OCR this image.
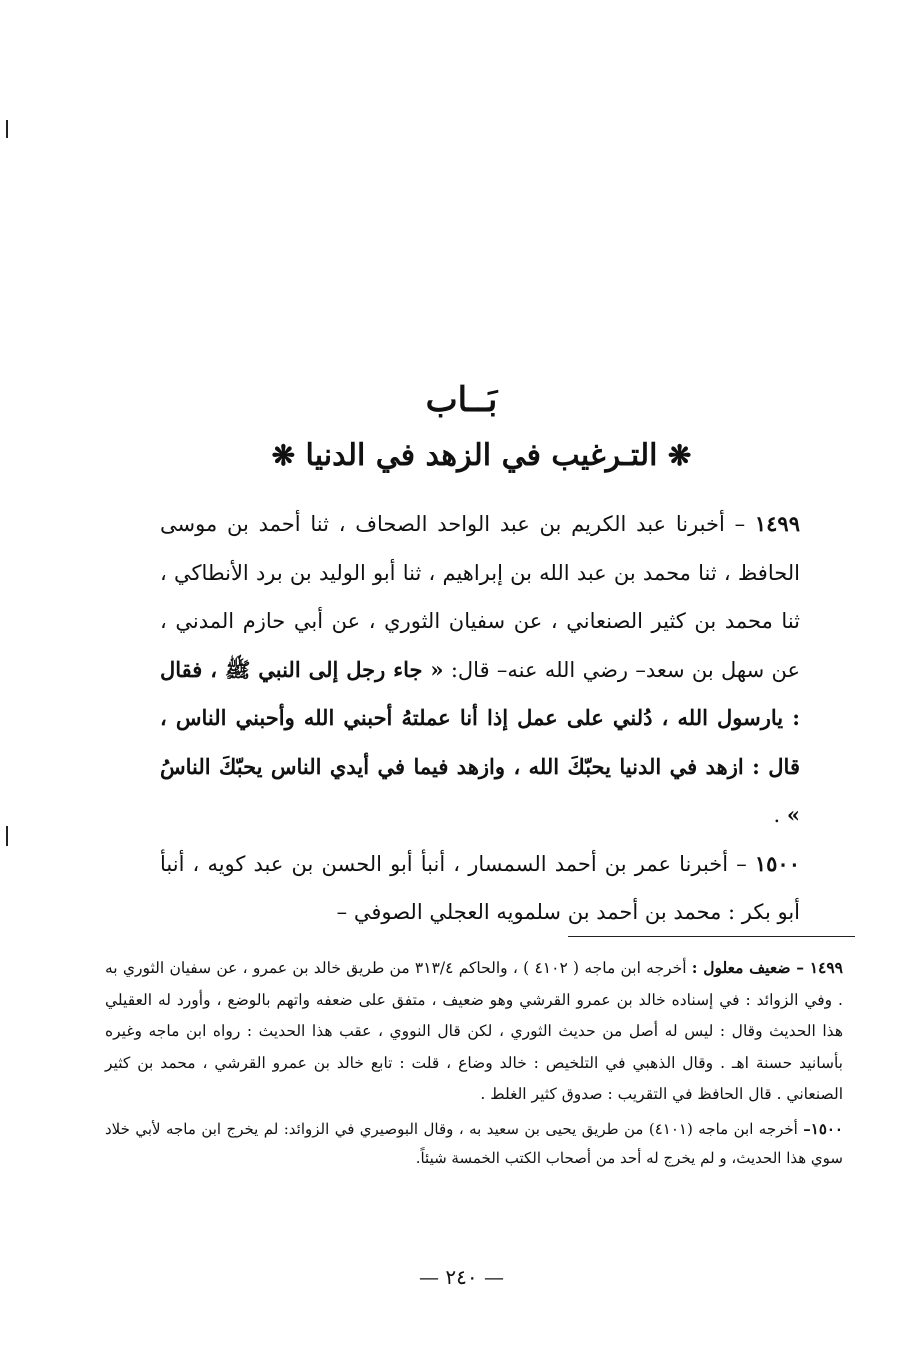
بَــاب
❋ التـرغيب في الزهد في الدنيا ❋

١٤٩٩ – أخبرنا عبد الكريم بن عبد الواحد الصحاف ، ثنا أحمد بن موسى الحافظ ، ثنا محمد بن عبد الله بن إبراهيم ، ثنا أبو الوليد بن برد الأنطاكي ، ثنا محمد بن كثير الصنعاني ، عن سفيان الثوري ، عن أبي حازم المدني ، عن سهل بن سعد– رضي الله عنه– قال: « جاء رجل إلى النبي ﷺ ، فقال : يارسول الله ، دُلني على عمل إذا أنا عملتهُ أحبني الله وأحبني الناس ، قال : ازهد في الدنيا يحبّكَ الله ، وازهد فيما في أيدي الناس يحبّكَ الناسُ » .

١٥٠٠ – أخبرنا عمر بن أحمد السمسار ، أنبأ أبو الحسن بن عبد كويه ، أنبأ أبو بكر : محمد بن أحمد بن سلمويه العجلي الصوفي –

١٤٩٩ – ضعيف معلول : أخرجه ابن ماجه ( ٤١٠٢ ) ، والحاكم ٣١٣/٤ من طريق خالد بن عمرو ، عن سفيان الثوري به . وفي الزوائد : في إسناده خالد بن عمرو القرشي وهو ضعيف ، متفق على ضعفه واتهم بالوضع ، وأورد له العقيلي هذا الحديث وقال : ليس له أصل من حديث الثوري ، لكن قال النووي ، عقب هذا الحديث : رواه ابن ماجه وغيره بأسانيد حسنة اهـ . وقال الذهبي في التلخيص : خالد وضاع ، قلت : تابع خالد بن عمرو القرشي ، محمد بن كثير الصنعاني . قال الحافظ في التقريب : صدوق كثير الغلط .

١٥٠٠– أخرجه ابن ماجه (٤١٠١) من طريق يحيى بن سعيد به ، وقال البوصيري في الزوائد: لم يخرج ابن ماجه لأبي خلاد سوي هذا الحديث، و لم يخرج له أحد من أصحاب الكتب الخمسة شيئاً.

— ٢٤٠ —
